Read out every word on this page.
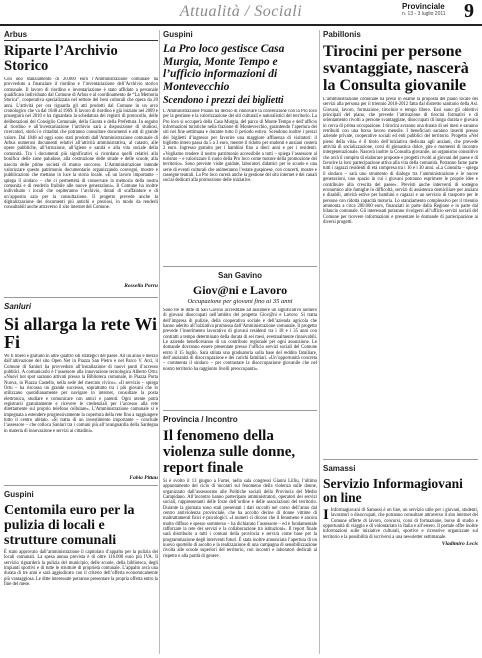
Attualità / Sociali	Provinciale
n. 13 - 3 luglio 2011 9
Arbus
Riparte l’Archivio Storico
Con uno stanziamento di 20.000 euro l’Amministrazione comunale ha provveduto a finanziare il riordino e l’inventariazione dell’Archivio storico comunale. Il lavoro di riordino e inventariazione è stato affidato a personale qualificato individuato dal Comune di Arbus e al coordinamento de “La Memoria Storica”, cooperativa specializzata nel settore dei beni culturali che opera da 20 anni. L’attività per ora riguarda gli atti prodotti dal Comune in un arco cronologico che va dal 1848 al 1969. Il lavoro di riordino è già iniziato nel 2009 e proseguirà nel 2010 e ha riguardato la schedatura dei registri di protocollo, delle deliberazioni del Consiglio Comunale, della Giunta e della Prefettura. In seguito al riordino e all’inventariazione l’archivio sarà a disposizione di studiosi, ricercatori, storici e cittadini che potranno consultare documenti e atti di grande valore. Dal 1848 ad oggi sono stati prodotti dall’Amministrazione comunale di Arbus numerosi documenti relativi all’attività amministrativa, al catasto, alle opere pubbliche, all’istruzione, all’igiene e sanità e alla vita sociale della comunità. Tra i documenti più significativi si ricordano quelli relativi alla bonifica delle zone paludose, alla costruzione delle strade e delle scuole, alla nascita delle prime società di mutuo soccorso. L’Amministrazione intende valorizzare questo patrimonio documentario organizzando convegni, mostre e pubblicazioni che mettano in luce la storia locale. «È un lavoro importante – spiega il sindaco – che ci permetterà di conservare la memoria della nostra comunità e di renderla fruibile alle nuove generazioni». Il Comune ha inoltre individuato i locali che ospiteranno l’archivio, dotati di scaffalature e di un’apposita sala per la consultazione. Il progetto prevede anche la digitalizzazione dei documenti più antichi e preziosi, in modo da renderli consultabili anche attraverso il sito internet del Comune.
Rossella Porru
Sanluri
Si allarga la rete Wi Fi
Wi fi libero e gratuito in altre quattro siti strategici del paese. Ad un anno e mezzo dall’attivazione del sito Open Net in Piazza San Pietro e nel Parco V. Arci, il Comune di Sanluri ha provveduto all’installazione di nuovi punti d’accesso pubblici. A comunicarlo è l’assessore alla innovazione tecnologica Alberto Ortu: «Nuovi hot spot saranno attivati presso la Biblioteca comunale, in Piazza Porta Nuova, in Piazza Castello, nella sede del mercato civico». «Il servizio – spiega Ortu – ha riscosso un grande successo, soprattutto tra i più giovani che lo utilizzano quotidianamente per navigare in internet, consultare la posta elettronica, studiare e comunicare con amici e parenti. Ogni utente potrà registrarsi gratuitamente e ricevere le credenziali per l’accesso alla rete direttamente sul proprio telefono cellulare». L’Amministrazione comunale si è impegnata a estendere progressivamente la copertura della rete fino a raggiungere tutto il centro abitato. «Si tratta di un investimento importante – conclude l’assessore – che colloca Sanluri tra i comuni più all’avanguardia della Sardegna in materia di innovazione e servizi ai cittadini».
Fabio Pittau
Guspini
Centomila euro per la pulizia di locali e strutture comunali
È stato approvato dall’amministrazione il capitolato d’appalto per la pulizia dei locali comunali. La spesa annua prevista è di oltre 116.000 euro più IVA. Il servizio riguarderà la pulizia del municipio, delle scuole, della biblioteca, degli impianti sportivi e di tutte le strutture di proprietà comunale. L’appalto avrà una durata di tre anni e sarà aggiudicato con il criterio dell’offerta economicamente più vantaggiosa. Le ditte interessate potranno presentare la propria offerta entro la fine del mese.
Guspini
La Pro loco gestisce Casa Murgia, Monte Tempo e l’ufficio informazioni di Montevecchio
Scendono i prezzi dei biglietti
L’Amministrazione Pisanu ha deciso di rinnovare la convenzione con la Pro loco per la gestione e la valorizzazione dei siti culturali e naturalistici del territorio. La Pro loco si occuperà della Casa Murgia, del parco di Monte Tempo e dell’ufficio informazioni turistiche nella frazione di Montevecchio, garantendo l’apertura dei siti nei fine settimana e durante tutto il periodo estivo. Scendono inoltre i prezzi dei biglietti d’ingresso per favorire una maggiore affluenza di visitatori: il biglietto intero passa da 5 a 3 euro, mentre il ridotto per studenti e anziani costerà 2 euro. Ingresso gratuito per i bambini fino a dieci anni e per i residenti. «Vogliamo rendere il nostro patrimonio accessibile a tutti – spiega l’assessore al turismo – e valorizzare il ruolo della Pro loco come motore della promozione del territorio». Sono previste visite guidate, laboratori didattici per le scuole e una serie di eventi culturali che animeranno l’estate guspinese, con concerti, mostre e rassegne teatrali. La Pro loco curerà anche la gestione del sito internet e dei canali social dedicati alla promozione delle iniziative.
San Gavino
Giov@ni e Lavoro
Occupazione per giovani fino ai 35 anni
Sono tre le ditte di San Gavino accreditate ad assumere un significativo numero di giovani disoccupati nell’ambito del progetto Giov@ni e Lavoro. Si tratta dell’impresa di pulizie, della cooperativa sociale e dell’azienda agricola che hanno aderito all’iniziativa promossa dall’Amministrazione comunale. Il progetto prevede l’inserimento lavorativo di giovani residenti tra i 18 e i 35 anni con contratti a tempo determinato della durata di sei mesi, eventualmente rinnovabili. Le aziende beneficeranno di un contributo regionale per ogni assunzione. Le domande dovranno essere presentate presso l’ufficio servizi sociali del Comune entro il 15 luglio. Sarà stilata una graduatoria sulla base del reddito familiare, dell’anzianità di disoccupazione e dei carichi familiari. «Un’opportunità concreta – commenta il sindaco – per contrastare la disoccupazione giovanile che nel nostro territorio ha raggiunto livelli preoccupanti».
Provincia / Incontro
Il fenomeno della violenza sulle donne, report finale
Si è svolto il 13 giugno a Furtei, nella sala congressi Gianni Lilliu, l’ultimo appuntamento del ciclo di incontri sul fenomeno della violenza sulle donne, organizzato dall’assessorato alle Politiche sociali della Provincia del Medio Campidano. All’incontro hanno partecipato amministratori, operatori dei servizi sociali, rappresentanti delle forze dell’ordine e delle associazioni del territorio. Durante la giornata sono stati presentati i dati raccolti nel corso dell’anno dal centro antiviolenza provinciale, che ha accolto decine di donne vittime di maltrattamenti fisici e psicologici. «I numeri ci dicono che il fenomeno è ancora molto diffuso e spesso sommerso – ha dichiarato l’assessore – ed è fondamentale rafforzare la rete dei servizi e la collaborazione tra istituzioni». Il report finale sarà distribuito a tutti i comuni della provincia e servirà come base per la programmazione degli interventi futuri. È stata inoltre annunciata l’apertura di un nuovo sportello di ascolto e la realizzazione di una campagna di sensibilizzazione rivolta alle scuole superiori del territorio, con incontri e laboratori dedicati al rispetto e alla parità di genere.
Pabillonis
Tirocini per persone svantaggiate, nascerà la Consulta giovanile
L’amministrazione comunale ha preso in esame la proposta del piano locale dei servizi alla persona per il triennio 2010-2012 fatta dal distretto sanitario della Asl. Giovani, lavoro, formazione, tirocinio e tempo libero. Essi sono gli obiettivi principali del piano, che prevede l’attivazione di tirocini formativi e di orientamento rivolti a persone svantaggiate, disoccupati di lunga durata e giovani in cerca di prima occupazione. I tirocini avranno una durata di sei mesi e saranno retribuiti con una borsa lavoro mensile. I beneficiari saranno inseriti presso aziende private, cooperative sociali ed enti pubblici del territorio. Progetto «Nel pieno della vita» è il titolo dell’iniziativa dedicata agli anziani, che prevede attività di socializzazione, corsi di ginnastica dolce, gite e momenti di incontro intergenerazionale. Nascerà inoltre la Consulta giovanile, un organismo consultivo che avrà il compito di elaborare proposte e progetti rivolti ai giovani del paese e di favorire la loro partecipazione attiva alla vita della comunità. Potranno farne parte tutti i ragazzi residenti di età compresa tra i 16 e i 30 anni. «La Consulta – spiega il sindaco – sarà uno strumento di dialogo tra l’amministrazione e le nuove generazioni, uno spazio in cui i giovani potranno esprimere le proprie idee e contribuire alla crescita del paese». Previsti anche interventi di sostegno economico alle famiglie in difficoltà, servizi di assistenza domiciliare per anziani e disabili, attività estive per bambini e ragazzi e un servizio di trasporto per le persone con ridotta capacità motoria. Lo stanziamento complessivo per il triennio ammonta a circa 200.000 euro, finanziati in parte dalla Regione e in parte dal bilancio comunale. Gli interessati potranno rivolgersi all’ufficio servizi sociali del Comune per ricevere informazioni e presentare le domande di partecipazione ai diversi progetti.
Samassi
Servizio Informagiovani on line
I Informagiovani di Samassi è on line, un servizio utile per i giovani, studenti, lavoratori o disoccupati, che potranno consultare attraverso il sito internet del Comune offerte di lavoro, concorsi, corsi di formazione, borse di studio e opportunità di viaggio e di volontariato in Italia e all’estero. Il portale offre inoltre informazioni sulle iniziative culturali, sportive e ricreative organizzate sul territorio e la possibilità di iscriversi a una newsletter settimanale.
Vladimiro Lecis
